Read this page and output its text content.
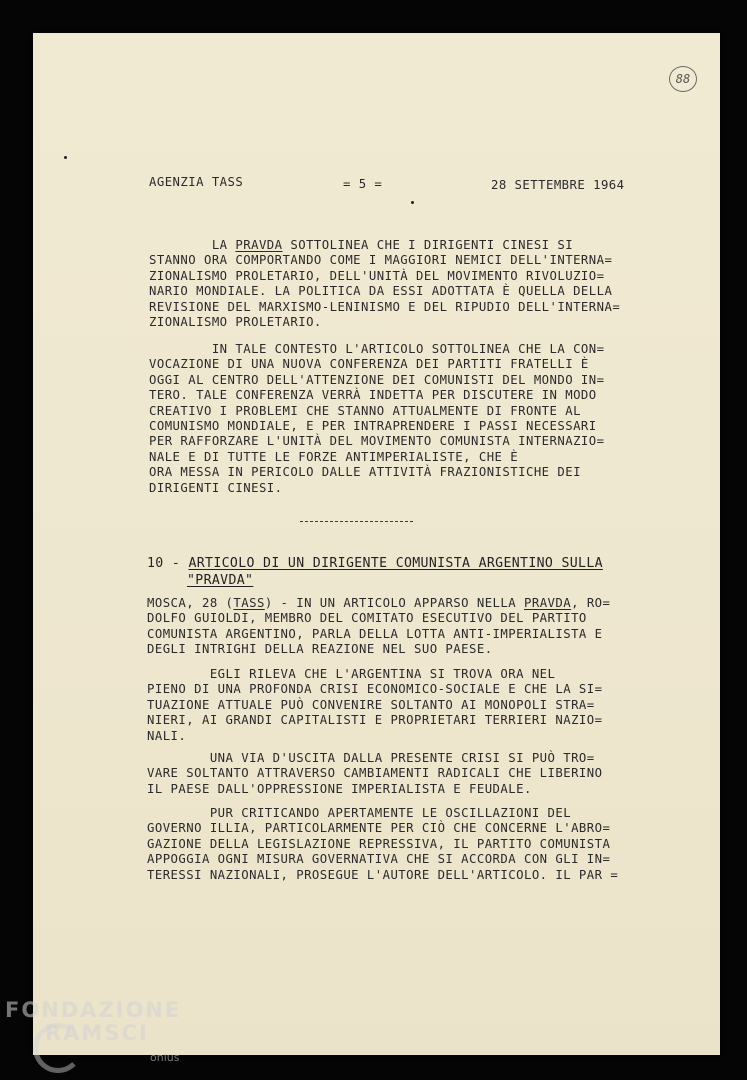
88
AGENZIA TASS	= 5 =	28 SETTEMBRE 1964
LA PRAVDA SOTTOLINEA CHE I DIRIGENTI CINESI SI
STANNO ORA COMPORTANDO COME I MAGGIORI NEMICI DELL'INTERNA=
ZIONALISMO PROLETARIO, DELL'UNITÀ DEL MOVIMENTO RIVOLUZIO=
NARIO MONDIALE. LA POLITICA DA ESSI ADOTTATA È QUELLA DELLA
REVISIONE DEL MARXISMO-LENINISMO E DEL RIPUDIO DELL'INTERNA=
ZIONALISMO PROLETARIO.
IN TALE CONTESTO L'ARTICOLO SOTTOLINEA CHE LA CON=
VOCAZIONE DI UNA NUOVA CONFERENZA DEI PARTITI FRATELLI È
OGGI AL CENTRO DELL'ATTENZIONE DEI COMUNISTI DEL MONDO IN=
TERO. TALE CONFERENZA VERRÀ INDETTA PER DISCUTERE IN MODO
CREATIVO I PROBLEMI CHE STANNO ATTUALMENTE DI FRONTE AL
COMUNISMO MONDIALE, E PER INTRAPRENDERE I PASSI NECESSARI
PER RAFFORZARE L'UNITÀ DEL MOVIMENTO COMUNISTA INTERNAZIO=
NALE E DI TUTTE LE FORZE ANTIMPERIALISTE, CHE È
ORA MESSA IN PERICOLO DALLE ATTIVITÀ FRAZIONISTICHE DEI
DIRIGENTI CINESI.
10 - ARTICOLO DI UN DIRIGENTE COMUNISTA ARGENTINO SULLA
"PRAVDA"
MOSCA, 28 (TASS) - IN UN ARTICOLO APPARSO NELLA PRAVDA, RO=
DOLFO GUIOLDI, MEMBRO DEL COMITATO ESECUTIVO DEL PARTITO
COMUNISTA ARGENTINO, PARLA DELLA LOTTA ANTI-IMPERIALISTA E
DEGLI INTRIGHI DELLA REAZIONE NEL SUO PAESE.
EGLI RILEVA CHE L'ARGENTINA SI TROVA ORA NEL
PIENO DI UNA PROFONDA CRISI ECONOMICO-SOCIALE E CHE LA SI=
TUAZIONE ATTUALE PUÒ CONVENIRE SOLTANTO AI MONOPOLI STRA=
NIERI, AI GRANDI CAPITALISTI E PROPRIETARI TERRIERI NAZIO=
NALI.
UNA VIA D'USCITA DALLA PRESENTE CRISI SI PUÒ TRO=
VARE SOLTANTO ATTRAVERSO CAMBIAMENTI RADICALI CHE LIBERINO
IL PAESE DALL'OPPRESSIONE IMPERIALISTA E FEUDALE.
PUR CRITICANDO APERTAMENTE LE OSCILLAZIONI DEL
GOVERNO ILLIA, PARTICOLARMENTE PER CIÒ CHE CONCERNE L'ABRO=
GAZIONE DELLA LEGISLAZIONE REPRESSIVA, IL PARTITO COMUNISTA
APPOGGIA OGNI MISURA GOVERNATIVA CHE SI ACCORDA CON GLI IN=
TERESSI NAZIONALI, PROSEGUE L'AUTORE DELL'ARTICOLO. IL PAR =
FONDAZIONE
RAMSCI
onlus
